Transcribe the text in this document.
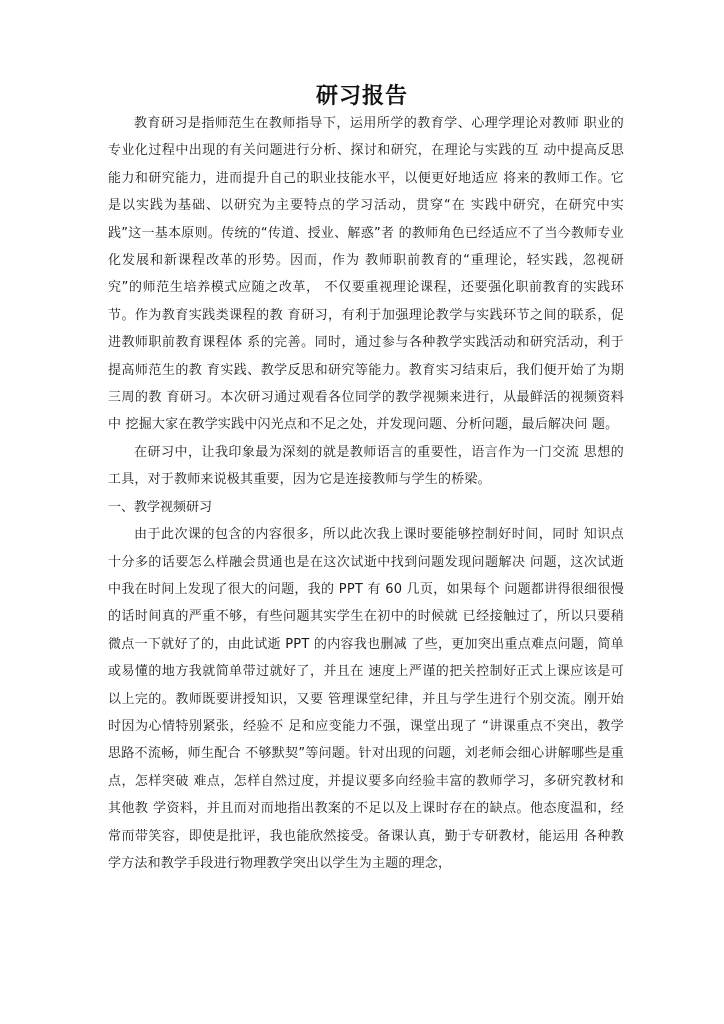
研习报告

教育研习是指师范生在教师指导下，运用所学的教育学、心理学理论对教师 职业的专业化过程中出现的有关问题进行分析、探讨和研究，在理论与实践的互 动中提高反思能力和研究能力，进而提升自己的职业技能水平，以便更好地适应 将来的教师工作。它是以实践为基础、以研究为主要特点的学习活动，贯穿“在 实践中研究，在研究中实践”这一基本原则。传统的“传道、授业、解惑”者 的教师角色已经适应不了当今教师专业化发展和新课程改革的形势。因而，作为 教师职前教育的“重理论，轻实践，忽视研究”的师范生培养模式应随之改革， 不仅要重视理论课程，还要强化职前教育的实践环节。作为教育实践类课程的教 育研习，有利于加强理论教学与实践环节之间的联系，促进教师职前教育课程体 系的完善。同时，通过参与各种教学实践活动和研究活动，利于提高师范生的教 育实践、教学反思和研究等能力。教育实习结束后，我们便开始了为期三周的教 育研习。本次研习通过观看各位同学的教学视频来进行，从最鲜活的视频资料中 挖掘大家在教学实践中闪光点和不足之处，并发现问题、分析问题，最后解决问 题。

在研习中，让我印象最为深刻的就是教师语言的重要性，语言作为一门交流 思想的工具，对于教师来说极其重要，因为它是连接教师与学生的桥梁。

一、教学视频研习

由于此次课的包含的内容很多，所以此次我上课时要能够控制好时间，同时 知识点十分多的话要怎么样融会贯通也是在这次试逝中找到问题发现问题解决 问题，这次试逝中我在时间上发现了很大的问题，我的 PPT 有 60 几页，如果每个 问题都讲得很细很慢的话时间真的严重不够，有些问题其实学生在初中的时候就 已经接触过了，所以只要稍微点一下就好了的，由此试逝 PPT 的内容我也删减 了些，更加突出重点难点问题，简单或易懂的地方我就简单带过就好了，并且在 速度上严谨的把关控制好正式上课应该是可以上完的。教师既要讲授知识，又要 管理课堂纪律，并且与学生进行个别交流。刚开始时因为心情特别紧张，经验不 足和应变能力不强，课堂出现了 “讲课重点不突出，教学思路不流畅，师生配合 不够默契”等问题。针对出现的问题，刘老师会细心讲解哪些是重点，怎样突破 难点，怎样自然过度，并提议要多向经验丰富的教师学习，多研究教材和其他教 学资料，并且而对而地指出教案的不足以及上课时存在的缺点。他态度温和，经 常而带笑容，即使是批评，我也能欣然接受。备课认真，勤于专研教材，能运用 各种教学方法和教学手段进行物理教学突出以学生为主题的理念，
